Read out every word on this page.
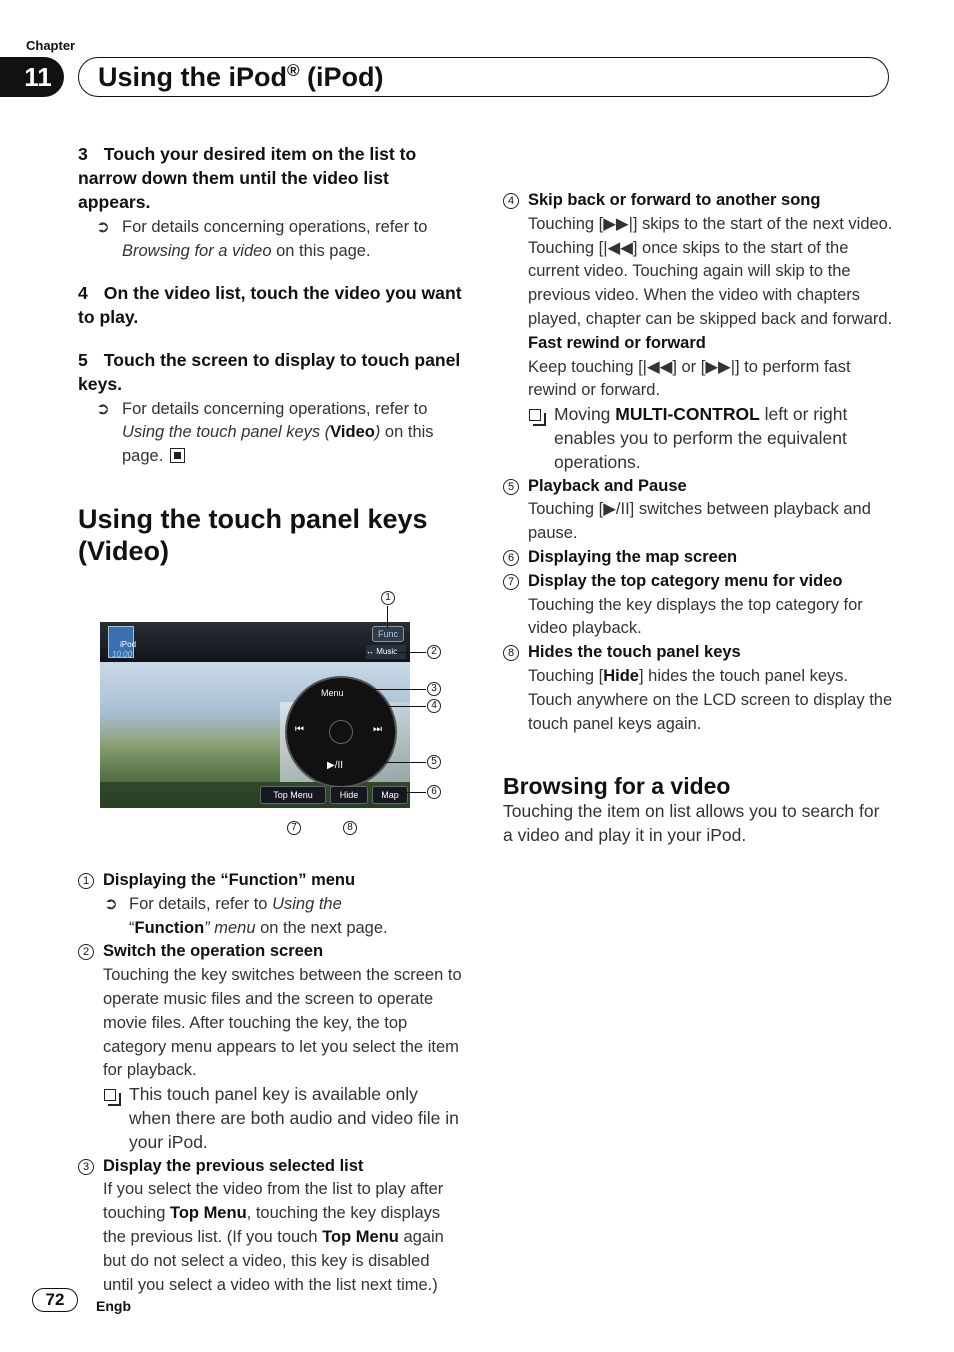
Chapter
11	Using the iPod® (iPod)
3 Touch your desired item on the list to narrow down them until the video list appears.
➲ For details concerning operations, refer to Browsing for a video on this page.
4 On the video list, touch the video you want to play.
5 Touch the screen to display to touch panel keys.
➲ For details concerning operations, refer to Using the touch panel keys (Video) on this page.
Using the touch panel keys (Video)
1 Displaying the “Function” menu
➲ For details, refer to Using the
“Function” menu on the next page.
2 Switch the operation screen
Touching the key switches between the screen to operate music files and the screen to operate movie files. After touching the key, the top category menu appears to let you select the item for playback.
This touch panel key is available only when there are both audio and video file in your iPod.
3 Display the previous selected list
If you select the video from the list to play after touching Top Menu, touching the key displays the previous list. (If you touch Top Menu again but do not select a video, this key is disabled until you select a video with the list next time.)
iPod
10:00
Func
↔ Music
Menu
⏮	⏭
▶/II
Top Menu	Hide	Map
1
2
3
4
5
6
7	8
4 Skip back or forward to another song
Touching [▶▶|] skips to the start of the next video. Touching [|◀◀] once skips to the start of the current video. Touching again will skip to the previous video. When the video with chapters played, chapter can be skipped back and forward.
Fast rewind or forward
Keep touching [|◀◀] or [▶▶|] to perform fast rewind or forward.
Moving MULTI-CONTROL left or right enables you to perform the equivalent operations.
5 Playback and Pause
Touching [▶/II] switches between playback and pause.
6 Displaying the map screen
7 Display the top category menu for video
Touching the key displays the top category for video playback.
8 Hides the touch panel keys
Touching [Hide] hides the touch panel keys. Touch anywhere on the LCD screen to display the touch panel keys again.
Browsing for a video
Touching the item on list allows you to search for a video and play it in your iPod.
72	Engb
